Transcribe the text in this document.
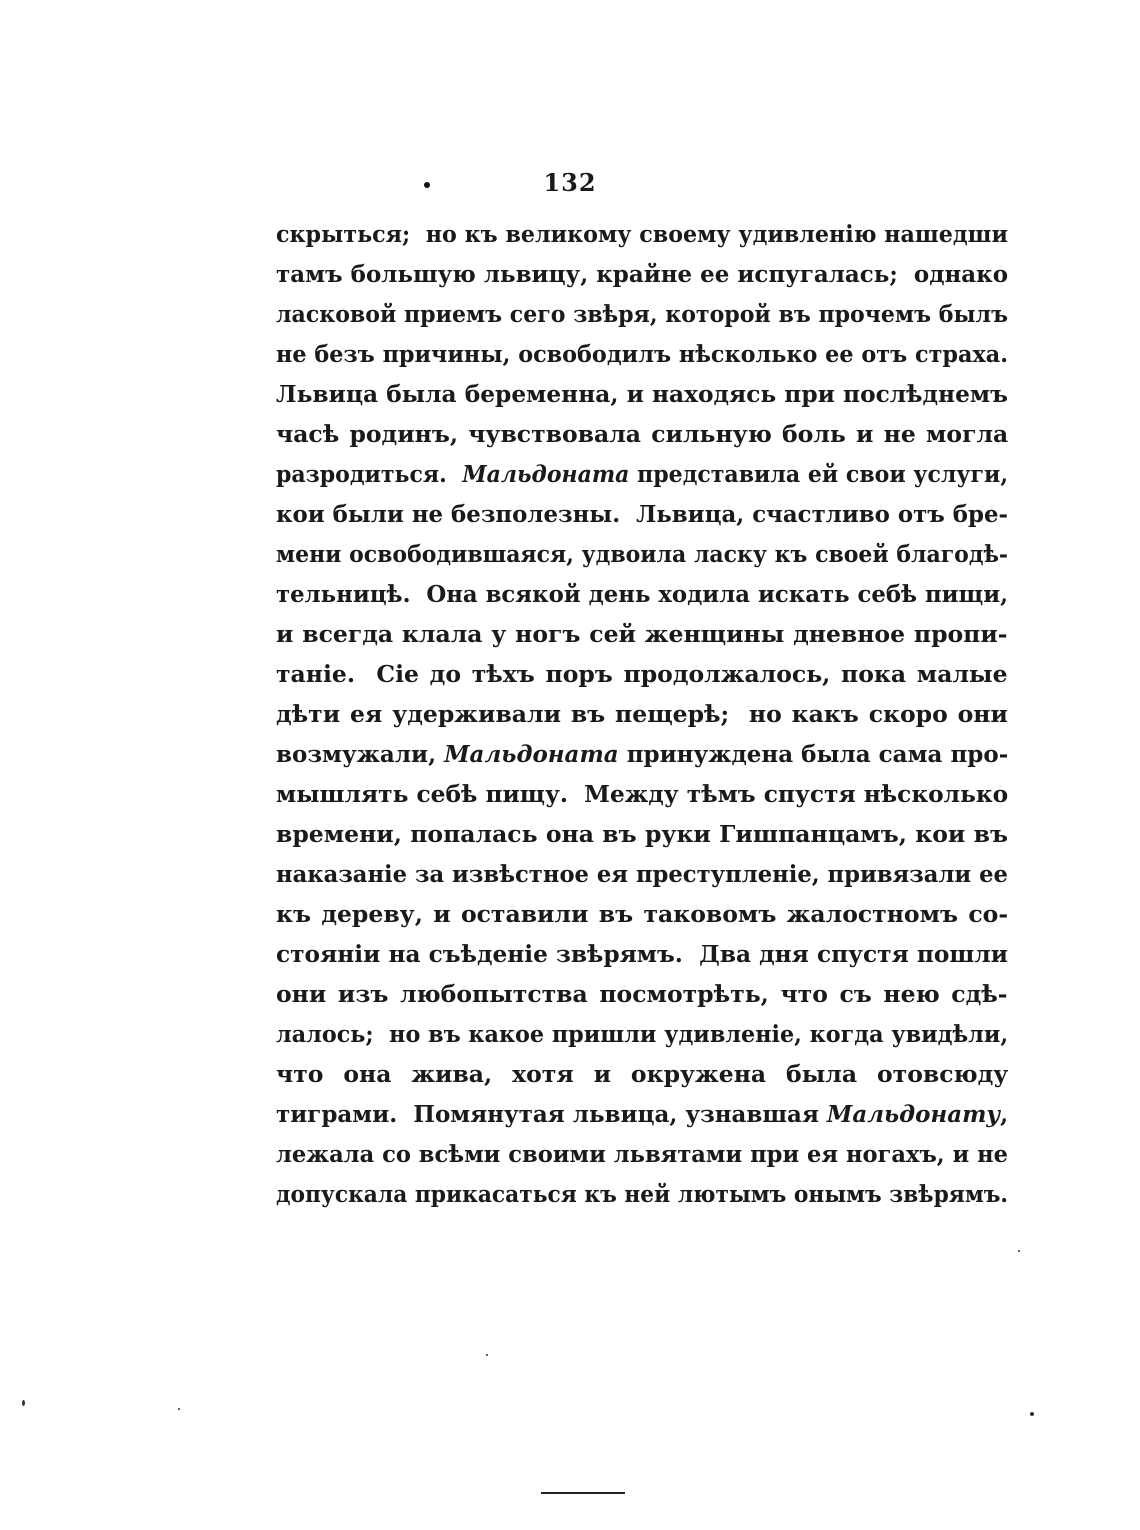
132
скрыться;  но къ великому своему удивленію нашедши
тамъ большую львицу, крайне ее испугалась;  однако
ласковой приемъ сего звѣря, которой въ прочемъ былъ
не безъ причины, освободилъ нѣсколько ее отъ страха.
Львица была беременна, и находясь при послѣднемъ
часѣ родинъ, чувствовала сильную боль и не могла
разродиться.  Мальдоната представила ей свои услуги,
кои были не безполезны.  Львица, счастливо отъ бре-
мени освободившаяся, удвоила ласку къ своей благодѣ-
тельницѣ.  Она всякой день ходила искать себѣ пищи,
и всегда клала у ногъ сей женщины дневное пропи-
таніе.  Сіе до тѣхъ поръ продолжалось, пока малые
дѣти ея удерживали въ пещерѣ;  но какъ скоро они
возмужали, Мальдоната принуждена была сама про-
мышлять себѣ пищу.  Между тѣмъ спустя нѣсколько
времени, попалась она въ руки Гишпанцамъ, кои въ
наказаніе за извѣстное ея преступленіе, привязали ее
къ дереву, и оставили въ таковомъ жалостномъ со-
стояніи на съѣденіе звѣрямъ.  Два дня спустя пошли
они изъ любопытства посмотрѣть, что съ нею сдѣ-
лалось;  но въ какое пришли удивленіе, когда увидѣли,
что она жива, хотя и окружена была отовсюду
тиграми.  Помянутая львица, узнавшая Мальдонату,
лежала со всѣми своими львятами при ея ногахъ, и не
допускала прикасаться къ ней лютымъ онымъ звѣрямъ.
